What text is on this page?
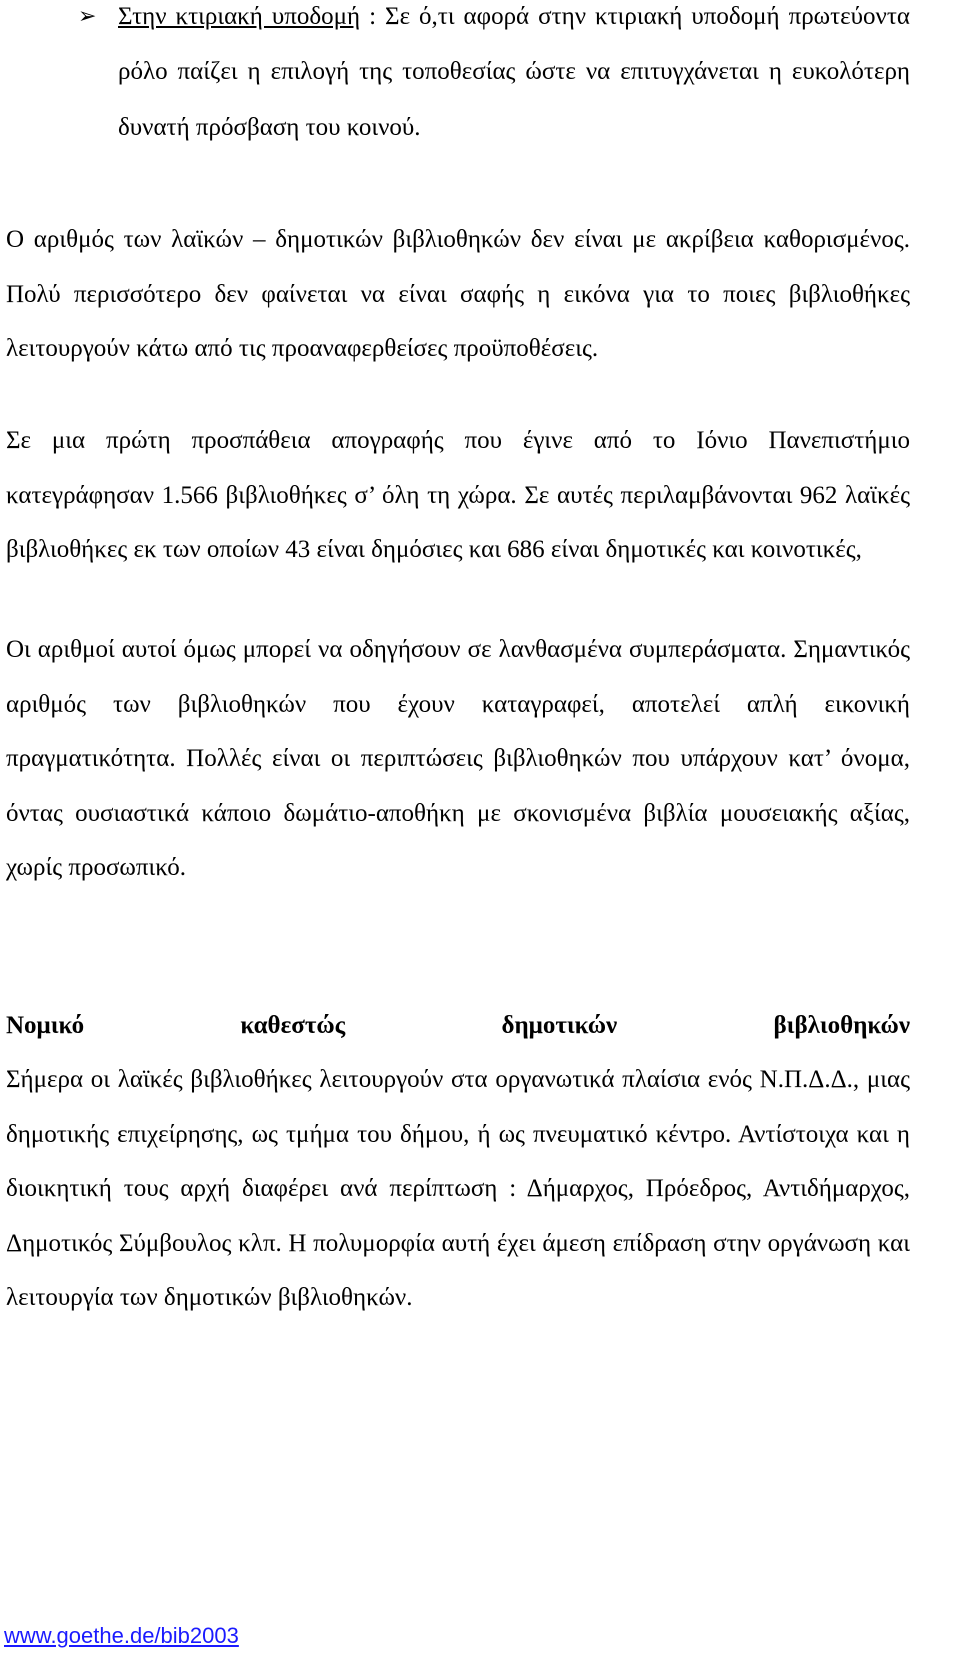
➢ Στην κτιριακή υποδομή : Σε ό,τι αφορά στην κτιριακή υποδομή πρωτεύοντα ρόλο παίζει η επιλογή της τοποθεσίας ώστε να επιτυγχάνεται η ευκολότερη δυνατή πρόσβαση του κοινού.

Ο αριθμός των λαϊκών – δημοτικών βιβλιοθηκών δεν είναι με ακρίβεια καθορισμένος. Πολύ περισσότερο δεν φαίνεται να είναι σαφής η εικόνα για το ποιες βιβλιοθήκες λειτουργούν κάτω από τις προαναφερθείσες προϋποθέσεις.

Σε μια πρώτη προσπάθεια απογραφής που έγινε από το Ιόνιο Πανεπιστήμιο κατεγράφησαν 1.566 βιβλιοθήκες σ’ όλη τη χώρα. Σε αυτές περιλαμβάνονται 962 λαϊκές βιβλιοθήκες εκ των οποίων 43 είναι δημόσιες και 686 είναι δημοτικές και κοινοτικές,

Οι αριθμοί αυτοί όμως μπορεί να οδηγήσουν σε λανθασμένα συμπεράσματα. Σημαντικός αριθμός των βιβλιοθηκών που έχουν καταγραφεί, αποτελεί απλή εικονική πραγματικότητα. Πολλές είναι οι περιπτώσεις βιβλιοθηκών που υπάρχουν κατ’ όνομα, όντας ουσιαστικά κάποιο δωμάτιο-αποθήκη με σκονισμένα βιβλία μουσειακής αξίας, χωρίς προσωπικό.

Νομικό	καθεστώς	δημοτικών	βιβλιοθηκών

Σήμερα οι λαϊκές βιβλιοθήκες λειτουργούν στα οργανωτικά πλαίσια ενός Ν.Π.Δ.Δ., μιας δημοτικής επιχείρησης, ως τμήμα του δήμου, ή ως πνευματικό κέντρο. Αντίστοιχα και η διοικητική τους αρχή διαφέρει ανά περίπτωση : Δήμαρχος, Πρόεδρος, Αντιδήμαρχος, Δημοτικός Σύμβουλος κλπ. Η πολυμορφία αυτή έχει άμεση επίδραση στην οργάνωση και λειτουργία των δημοτικών βιβλιοθηκών.

www.goethe.de/bib2003
